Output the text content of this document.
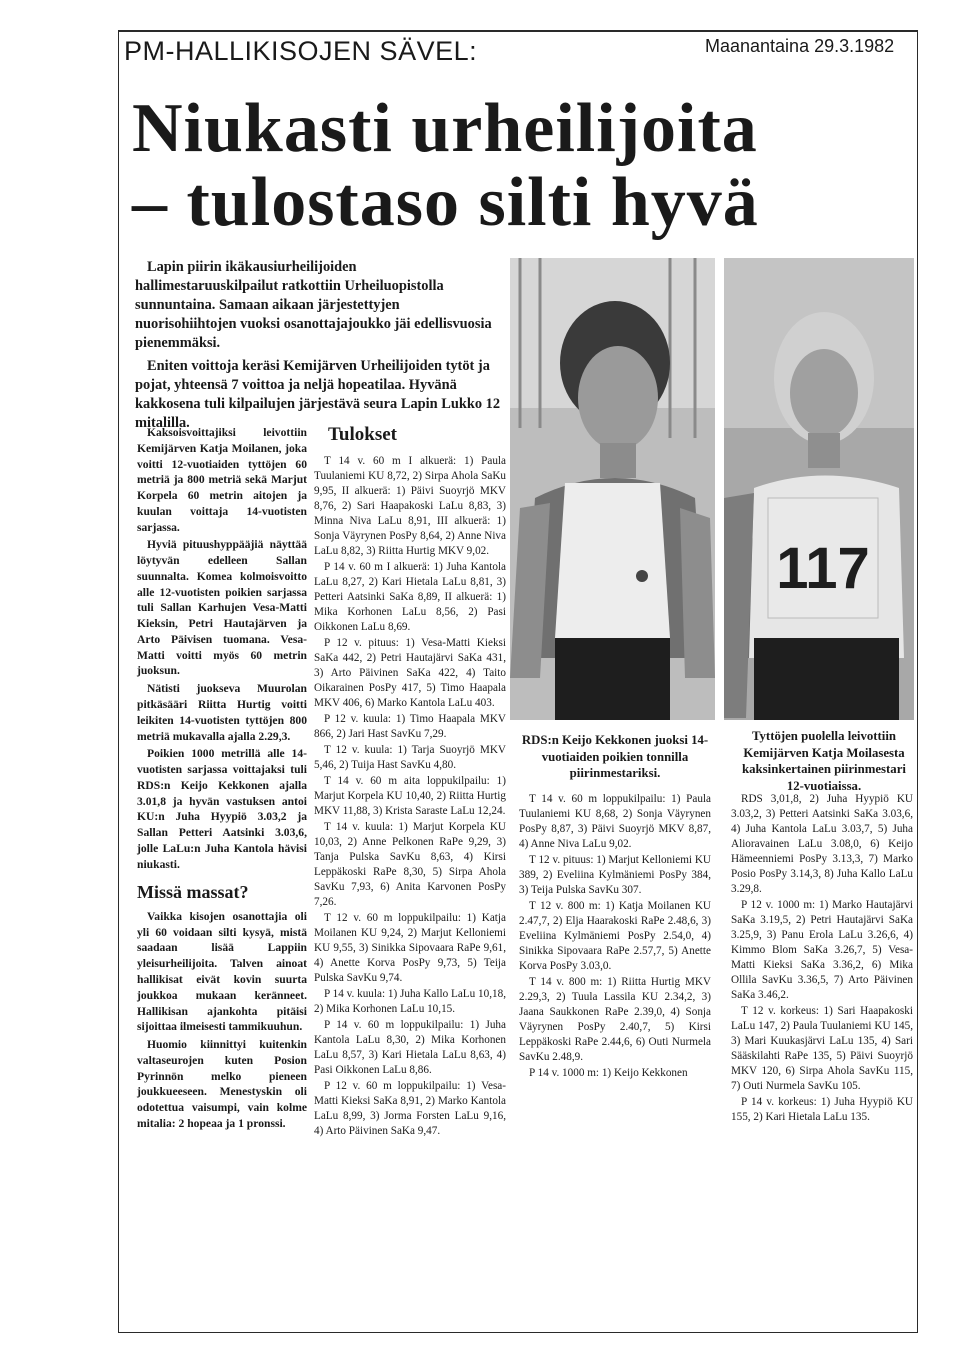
PM-HALLIKISOJEN SÄVEL:	Maanantaina 29.3.1982
Niukasti urheilijoita
– tulostaso silti hyvä

Lapin piirin ikäkausiurheilijoiden hallimestaruuskilpailut ratkottiin Urheiluopistolla sunnuntaina. Samaan aikaan järjestettyjen nuorisohiihtojen vuoksi osanottajajoukko jäi edellisvuosia pienemmäksi.

Eniten voittoja keräsi Kemijärven Urheilijoiden tytöt ja pojat, yhteensä 7 voittoa ja neljä hopeatilaa. Hyvänä kakkosena tuli kilpailujen järjestävä seura Lapin Lukko 12 mitalilla.

Kaksoisvoittajiksi leivottiin Kemijärven Katja Moilanen, joka voitti 12-vuotiaiden tyttöjen 60 metriä ja 800 metriä sekä Marjut Korpela 60 metrin aitojen ja kuulan voittaja 14-vuotisten sarjassa.

Hyviä pituushyppääjiä näyttää löytyvän edelleen Sallan suunnalta. Komea kolmoisvoitto alle 12-vuotisten poikien sarjassa tuli Sallan Karhujen Vesa-Matti Kieksin, Petri Hautajärven ja Arto Päivisen tuomana. Vesa-Matti voitti myös 60 metrin juoksun.

Nätisti juokseva Muurolan pitkäsääri Riitta Hurtig voitti leikiten 14-vuotisten tyttöjen 800 metriä mukavalla ajalla 2.29,3.

Poikien 1000 metrillä alle 14-vuotisten sarjassa voittajaksi tuli RDS:n Keijo Kekkonen ajalla 3.01,8 ja hyvän vastuksen antoi KU:n Juha Hyypiö 3.03,2 ja Sallan Petteri Aatsinki 3.03,6, jolle LaLu:n Juha Kantola hävisi niukasti.

Missä massat?

Vaikka kisojen osanottajia oli yli 60 voidaan silti kysyä, mistä saadaan lisää Lappiin yleisurheilijoita. Talven ainoat hallikisat eivät kovin suurta joukkoa mukaan keränneet. Hallikisan ajankohta pitäisi sijoittaa ilmeisesti tammikuuhun.

Huomio kiinnittyi kuitenkin valtaseurojen kuten Posion Pyrinnön melko pieneen joukkueeseen. Menestyskin oli odotettua vaisumpi, vain kolme mitalia: 2 hopeaa ja 1 pronssi.

Tulokset

T 14 v. 60 m I alkuerä: 1) Paula Tuulaniemi KU 8,72, 2) Sirpa Ahola SaKu 9,95, II alkuerä: 1) Päivi Suoyrjö MKV 8,76, 2) Sari Haapakoski LaLu 8,83, 3) Minna Niva LaLu 8,91, III alkuerä: 1) Sonja Väyrynen PosPy 8,64, 2) Anne Niva LaLu 8,82, 3) Riitta Hurtig MKV 9,02.

P 14 v. 60 m I alkuerä: 1) Juha Kantola LaLu 8,27, 2) Kari Hietala LaLu 8,81, 3) Petteri Aatsinki SaKa 8,89, II alkuerä: 1) Mika Korhonen LaLu 8,56, 2) Pasi Oikkonen LaLu 8,69.

P 12 v. pituus: 1) Vesa-Matti Kieksi SaKa 442, 2) Petri Hautajärvi SaKa 431, 3) Arto Päivinen SaKa 422, 4) Taito Oikarainen PosPy 417, 5) Timo Haapala MKV 406, 6) Marko Kantola LaLu 403.

P 12 v. kuula: 1) Timo Haapala MKV 866, 2) Jari Hast SavKu 7,29.

T 12 v. kuula: 1) Tarja Suoyrjö MKV 5,46, 2) Tuija Hast SavKu 4,80.

T 14 v. 60 m aita loppukilpailu: 1) Marjut Korpela KU 10,40, 2) Riitta Hurtig MKV 11,88, 3) Krista Saraste LaLu 12,24.

T 14 v. kuula: 1) Marjut Korpela KU 10,03, 2) Anne Pelkonen RaPe 9,29, 3) Tanja Pulska SavKu 8,63, 4) Kirsi Leppäkoski RaPe 8,30, 5) Sirpa Ahola SavKu 7,93, 6) Anita Karvonen PosPy 7,26.

T 12 v. 60 m loppukilpailu: 1) Katja Moilanen KU 9,24, 2) Marjut Kelloniemi KU 9,55, 3) Sinikka Sipovaara RaPe 9,61, 4) Anette Korva PosPy 9,73, 5) Teija Pulska SavKu 9,74.

P 14 v. kuula: 1) Juha Kallo LaLu 10,18, 2) Mika Korhonen LaLu 10,15.

P 14 v. 60 m loppukilpailu: 1) Juha Kantola LaLu 8,30, 2) Mika Korhonen LaLu 8,57, 3) Kari Hietala LaLu 8,63, 4) Pasi Oikkonen LaLu 8,86.

P 12 v. 60 m loppukilpailu: 1) Vesa-Matti Kieksi SaKa 8,91, 2) Marko Kantola LaLu 8,99, 3) Jorma Forsten LaLu 9,16, 4) Arto Päivinen SaKa 9,47.

RDS:n Keijo Kekkonen juoksi 14-vuotiaiden poikien tonnilla piirinmestariksi.
117
Tyttöjen puolella leivottiin Kemijärven Katja Moilasesta kaksinkertainen piirinmestari 12-vuotiaissa.

T 14 v. 60 m loppukilpailu: 1) Paula Tuulaniemi KU 8,68, 2) Sonja Väyrynen PosPy 8,87, 3) Päivi Suoyrjö MKV 8,87, 4) Anne Niva LaLu 9,02.

T 12 v. pituus: 1) Marjut Kelloniemi KU 389, 2) Eveliina Kylmäniemi PosPy 384, 3) Teija Pulska SavKu 307.

T 12 v. 800 m: 1) Katja Moilanen KU 2.47,7, 2) Elja Haarakoski RaPe 2.48,6, 3) Eveliina Kylmäniemi PosPy 2.54,0, 4) Sinikka Sipovaara RaPe 2.57,7, 5) Anette Korva PosPy 3.03,0.

T 14 v. 800 m: 1) Riitta Hurtig MKV 2.29,3, 2) Tuula Lassila KU 2.34,2, 3) Jaana Saukkonen RaPe 2.39,0, 4) Sonja Väyrynen PosPy 2.40,7, 5) Kirsi Leppäkoski RaPe 2.44,6, 6) Outi Nurmela SavKu 2.48,9.

P 14 v. 1000 m: 1) Keijo Kekkonen

RDS 3,01,8, 2) Juha Hyypiö KU 3.03,2, 3) Petteri Aatsinki SaKa 3.03,6, 4) Juha Kantola LaLu 3.03,7, 5) Juha Alioravainen LaLu 3.08,0, 6) Keijo Hämeenniemi PosPy 3.13,3, 7) Marko Posio PosPy 3.14,3, 8) Juha Kallo LaLu 3.29,8.

P 12 v. 1000 m: 1) Marko Hautajärvi SaKa 3.19,5, 2) Petri Hautajärvi SaKa 3.25,9, 3) Panu Erola LaLu 3.26,6, 4) Kimmo Blom SaKa 3.26,7, 5) Vesa-Matti Kieksi SaKa 3.36,2, 6) Mika Ollila SavKu 3.36,5, 7) Arto Päivinen SaKa 3.46,2.

T 12 v. korkeus: 1) Sari Haapakoski LaLu 147, 2) Paula Tuulaniemi KU 145, 3) Mari Kuukasjärvi LaLu 135, 4) Sari Sääskilahti RaPe 135, 5) Päivi Suoyrjö MKV 120, 6) Sirpa Ahola SavKu 115, 7) Outi Nurmela SavKu 105.

P 14 v. korkeus: 1) Juha Hyypiö KU 155, 2) Kari Hietala LaLu 135.
